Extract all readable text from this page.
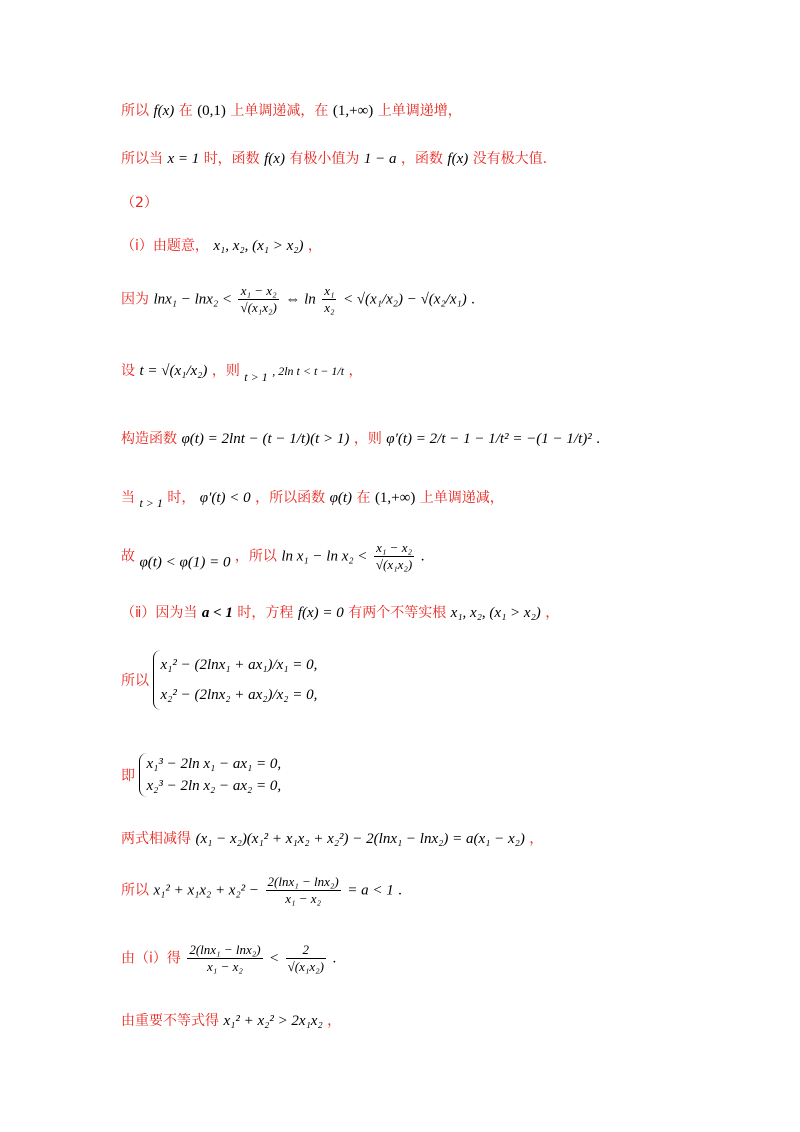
所以 f(x) 在 (0,1) 上单调递减，在 (1,+∞) 上单调递增，
所以当 x = 1 时，函数 f(x) 有极小值为 1 − a ，函数 f(x) 没有极大值.
（2）
（ⅰ）由题意， x₁, x₂, (x₁ > x₂) ，
因为 $\ln x_1 - \ln x_2 < \frac{\text{x₁ − x₂}}{\text{√(x₁x₂)}}$ ⇔ $\ln \frac{\text{x₁}}{\text{x₂}} < √(x_1/x_2) - √(x_2/x_1)$ .
设 t = √(x₁/x₂) ，则 t > 1 , 2ln t < t − 1/t ，
构造函数 φ(t) = 2lnt − (t − 1/t)(t > 1) ，则 φ′(t) = 2/t − 1 − 1/t² = −(1 − 1/t)² .
当 t > 1 时， φ′(t) < 0 ，所以函数 φ(t) 在 (1,+∞) 上单调递减，
故 φ(t) < φ(1) = 0 ，所以 $\ln x_1 - \ln x_2 < \frac{\text{x₁ − x₂}}{\text{√(x₁x₂)}}$ .
（ⅱ）因为当 a < 1 时，方程 f(x) = 0 有两个不等实根 x₁, x₂, (x₁ > x₂) ，
所以
x₁² − (2lnx₁ + ax₁)/x₁ = 0,
x₂² − (2lnx₂ + ax₂)/x₂ = 0,
即
x₁³ − 2ln x₁ − ax₁ = 0,
x₂³ − 2ln x₂ − ax₂ = 0,
两式相减得 (x₁ − x₂)(x₁² + x₁x₂ + x₂²) − 2(lnx₁ − lnx₂) = a(x₁ − x₂) ，
所以 $x_1^2 + x_1x_2 + x_2^2 - \frac{\text{2(lnx₁ − lnx₂)}}{\text{x₁ − x₂}} = a < 1$ .
由（ⅰ）得 $\frac{\text{2(lnx₁ − lnx₂)}}{\text{x₁ − x₂}} < \frac{2}{\text{√(x₁x₂)}}$ .
由重要不等式得 x₁² + x₂² > 2x₁x₂ ，
